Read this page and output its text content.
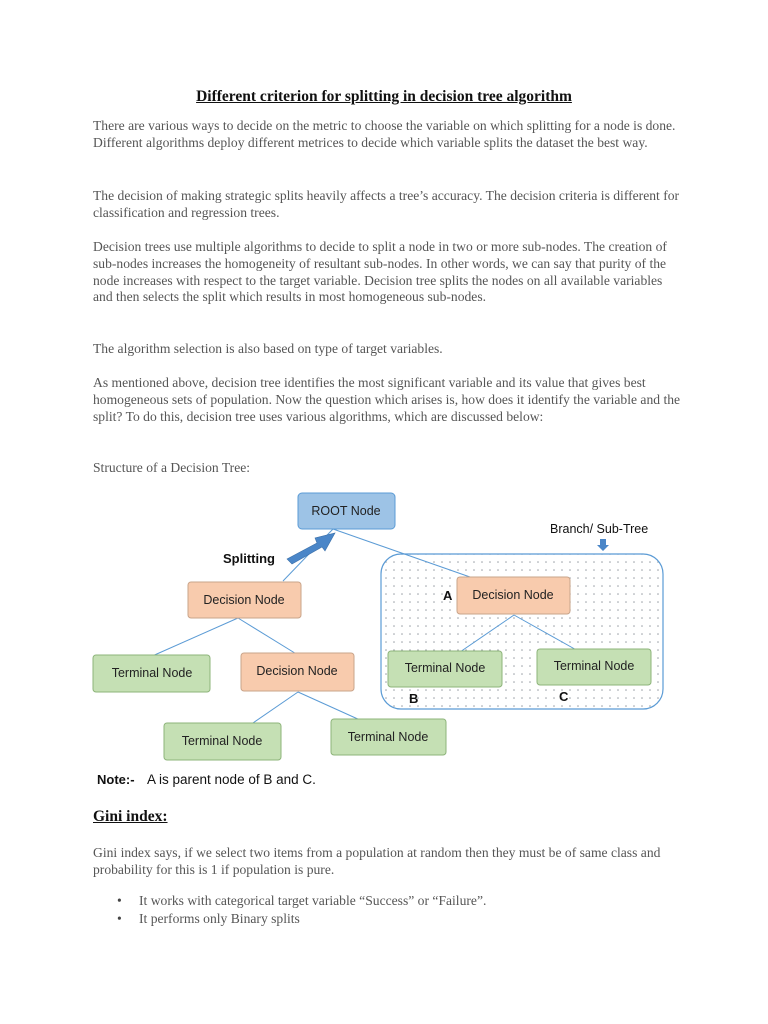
Different criterion for splitting in decision tree algorithm

There are various ways to decide on the metric to choose the variable on which splitting for a node is done. Different algorithms deploy different metrices to decide which variable splits the dataset the best way.

The decision of making strategic splits heavily affects a tree’s accuracy. The decision criteria is different for classification and regression trees.

Decision trees use multiple algorithms to decide to split a node in two or more sub-nodes. The creation of sub-nodes increases the homogeneity of resultant sub-nodes. In other words, we can say that purity of the node increases with respect to the target variable. Decision tree splits the nodes on all available variables and then selects the split which results in most homogeneous sub-nodes.

The algorithm selection is also based on type of target variables.

As mentioned above, decision tree identifies the most significant variable and its value that gives best homogeneous sets of population. Now the question which arises is, how does it identify the variable and the split? To do this, decision tree uses various algorithms, which are discussed below:

Structure of a Decision Tree:

ROOT Node
Splitting
Branch/ Sub-Tree
Decision Node	Decision Node
A
Terminal Node	Decision Node	Terminal Node
B
Terminal Node
C
Terminal Node	Terminal Node
Note:- A is parent node of B and C.
Gini index:

Gini index says, if we select two items from a population at random then they must be of same class and probability for this is 1 if population is pure.

• It works with categorical target variable “Success” or “Failure”.
• It performs only Binary splits
